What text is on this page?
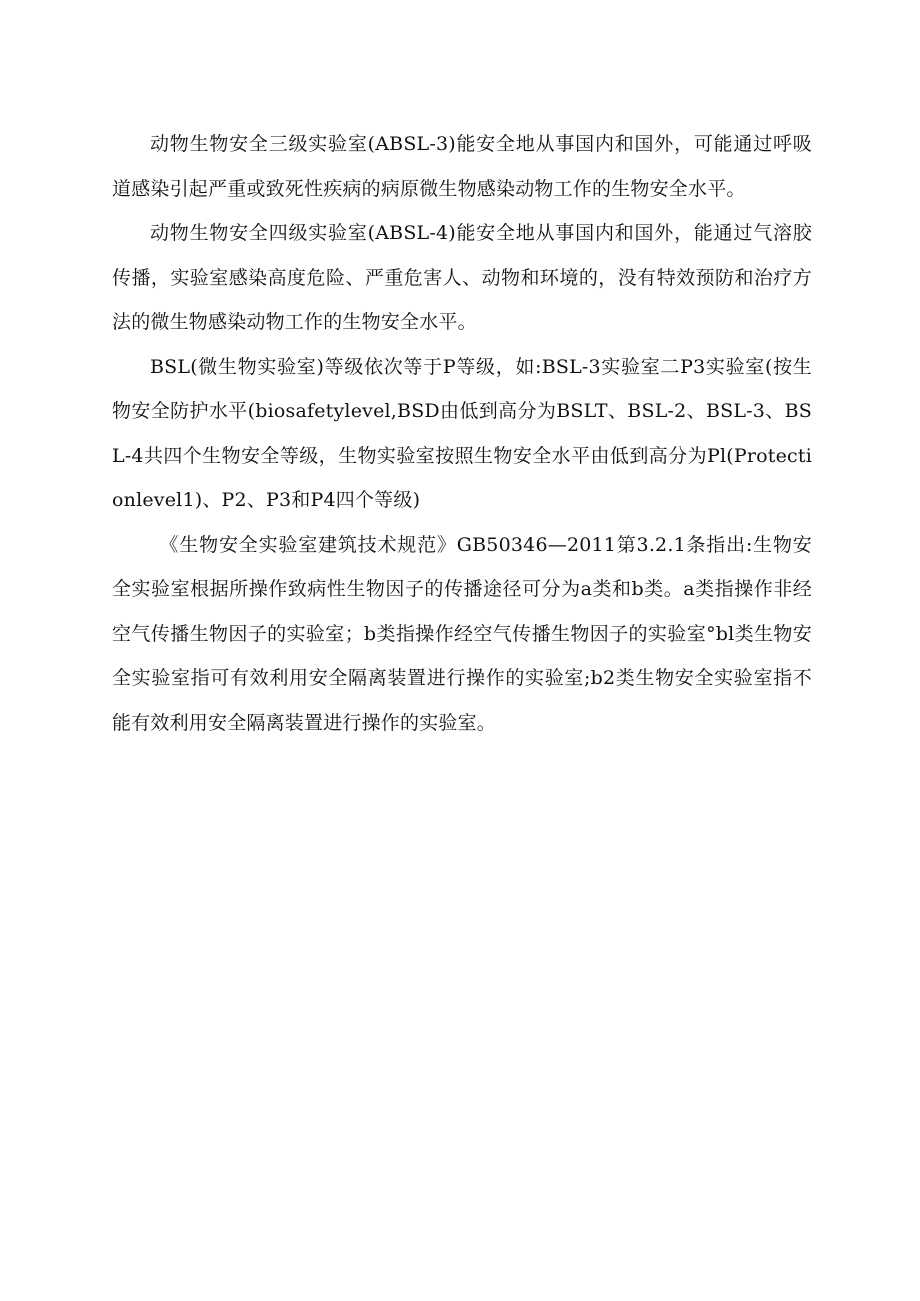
动物生物安全三级实验室(ABSL-3)能安全地从事国内和国外，可能通过呼吸道感染引起严重或致死性疾病的病原微生物感染动物工作的生物安全水平。

动物生物安全四级实验室(ABSL-4)能安全地从事国内和国外，能通过气溶胶传播，实验室感染高度危险、严重危害人、动物和环境的，没有特效预防和治疗方法的微生物感染动物工作的生物安全水平。

BSL(微生物实验室)等级依次等于P等级，如:BSL-3实验室二P3实验室(按生物安全防护水平(biosafetylevel,BSD由低到高分为BSLT、BSL-2、BSL-3、BSL-4共四个生物安全等级，生物实验室按照生物安全水平由低到高分为Pl(Protectionlevel1)、P2、P3和P4四个等级)

《生物安全实验室建筑技术规范》GB50346—2011第3.2.1条指出:生物安全实验室根据所操作致病性生物因子的传播途径可分为a类和b类。a类指操作非经空气传播生物因子的实验室；b类指操作经空气传播生物因子的实验室°bl类生物安全实验室指可有效利用安全隔离装置进行操作的实验室;b2类生物安全实验室指不能有效利用安全隔离装置进行操作的实验室。
